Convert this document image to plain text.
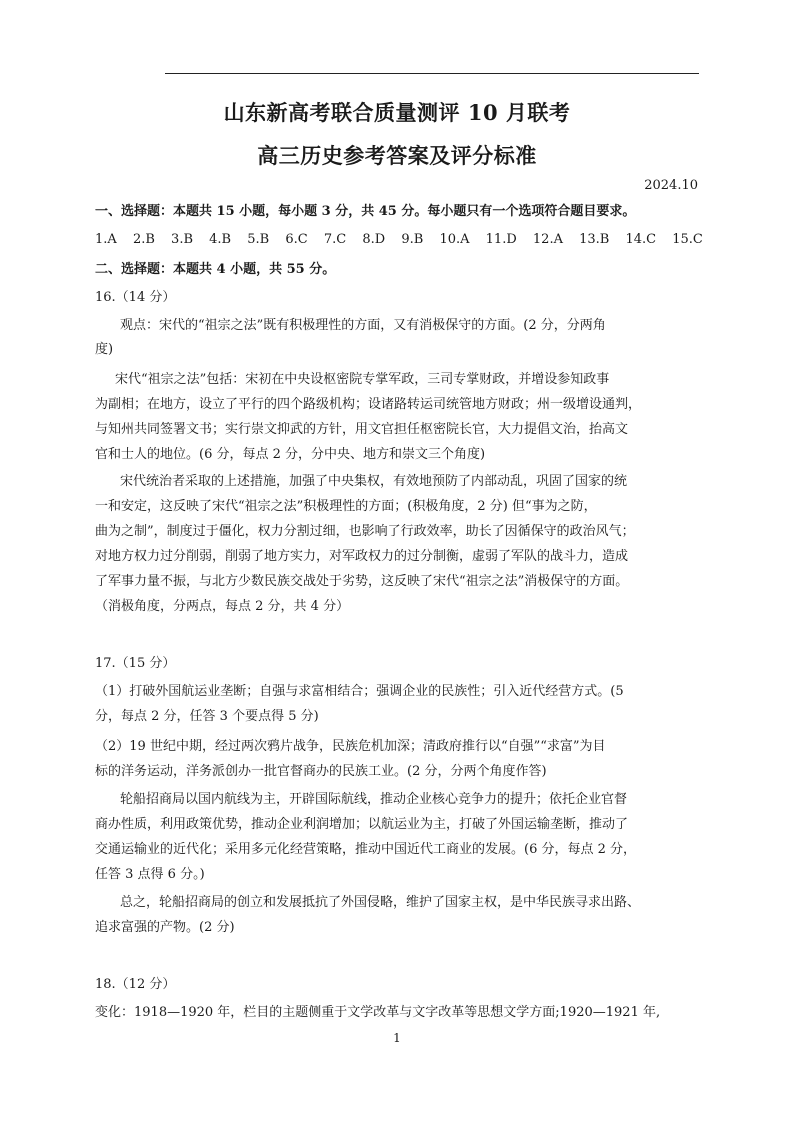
山东新高考联合质量测评 10 月联考
高三历史参考答案及评分标准
2024.10
一、选择题：本题共 15 小题，每小题 3 分，共 45 分。每小题只有一个选项符合题目要求。
1.A 2.B 3.B 4.B 5.B 6.C 7.C 8.D 9.B 10.A 11.D 12.A 13.B 14.C 15.C
二、选择题：本题共 4 小题，共 55 分。
16.（14 分）
观点：宋代的“祖宗之法”既有积极理性的方面，又有消极保守的方面。(2 分，分两角
度)
宋代“祖宗之法”包括：宋初在中央设枢密院专掌军政，三司专掌财政，并增设参知政事
为副相；在地方，设立了平行的四个路级机构；设诸路转运司统管地方财政；州一级增设通判，
与知州共同签署文书；实行崇文抑武的方针，用文官担任枢密院长官，大力提倡文治，抬高文
官和士人的地位。(6 分，每点 2 分，分中央、地方和崇文三个角度)
宋代统治者采取的上述措施，加强了中央集权，有效地预防了内部动乱，巩固了国家的统
一和安定，这反映了宋代“祖宗之法”积极理性的方面；(积极角度，2 分) 但“事为之防，
曲为之制”，制度过于僵化，权力分割过细，也影响了行政效率，助长了因循保守的政治风气；
对地方权力过分削弱，削弱了地方实力，对军政权力的过分制衡，虚弱了军队的战斗力，造成
了军事力量不振，与北方少数民族交战处于劣势，这反映了宋代“祖宗之法”消极保守的方面。
（消极角度，分两点，每点 2 分，共 4 分）
17.（15 分）
（1）打破外国航运业垄断；自强与求富相结合；强调企业的民族性；引入近代经营方式。(5
分，每点 2 分，任答 3 个要点得 5 分)
（2）19 世纪中期，经过两次鸦片战争，民族危机加深；清政府推行以“自强”“求富”为目
标的洋务运动，洋务派创办一批官督商办的民族工业。(2 分，分两个角度作答)
轮船招商局以国内航线为主，开辟国际航线，推动企业核心竞争力的提升；依托企业官督
商办性质，利用政策优势，推动企业利润增加；以航运业为主，打破了外国运输垄断，推动了
交通运输业的近代化；采用多元化经营策略，推动中国近代工商业的发展。(6 分，每点 2 分，
任答 3 点得 6 分。)
总之，轮船招商局的创立和发展抵抗了外国侵略，维护了国家主权，是中华民族寻求出路、
追求富强的产物。(2 分)
18.（12 分）
变化：1918—1920 年，栏目的主题侧重于文学改革与文字改革等思想文学方面;1920—1921 年,
1
